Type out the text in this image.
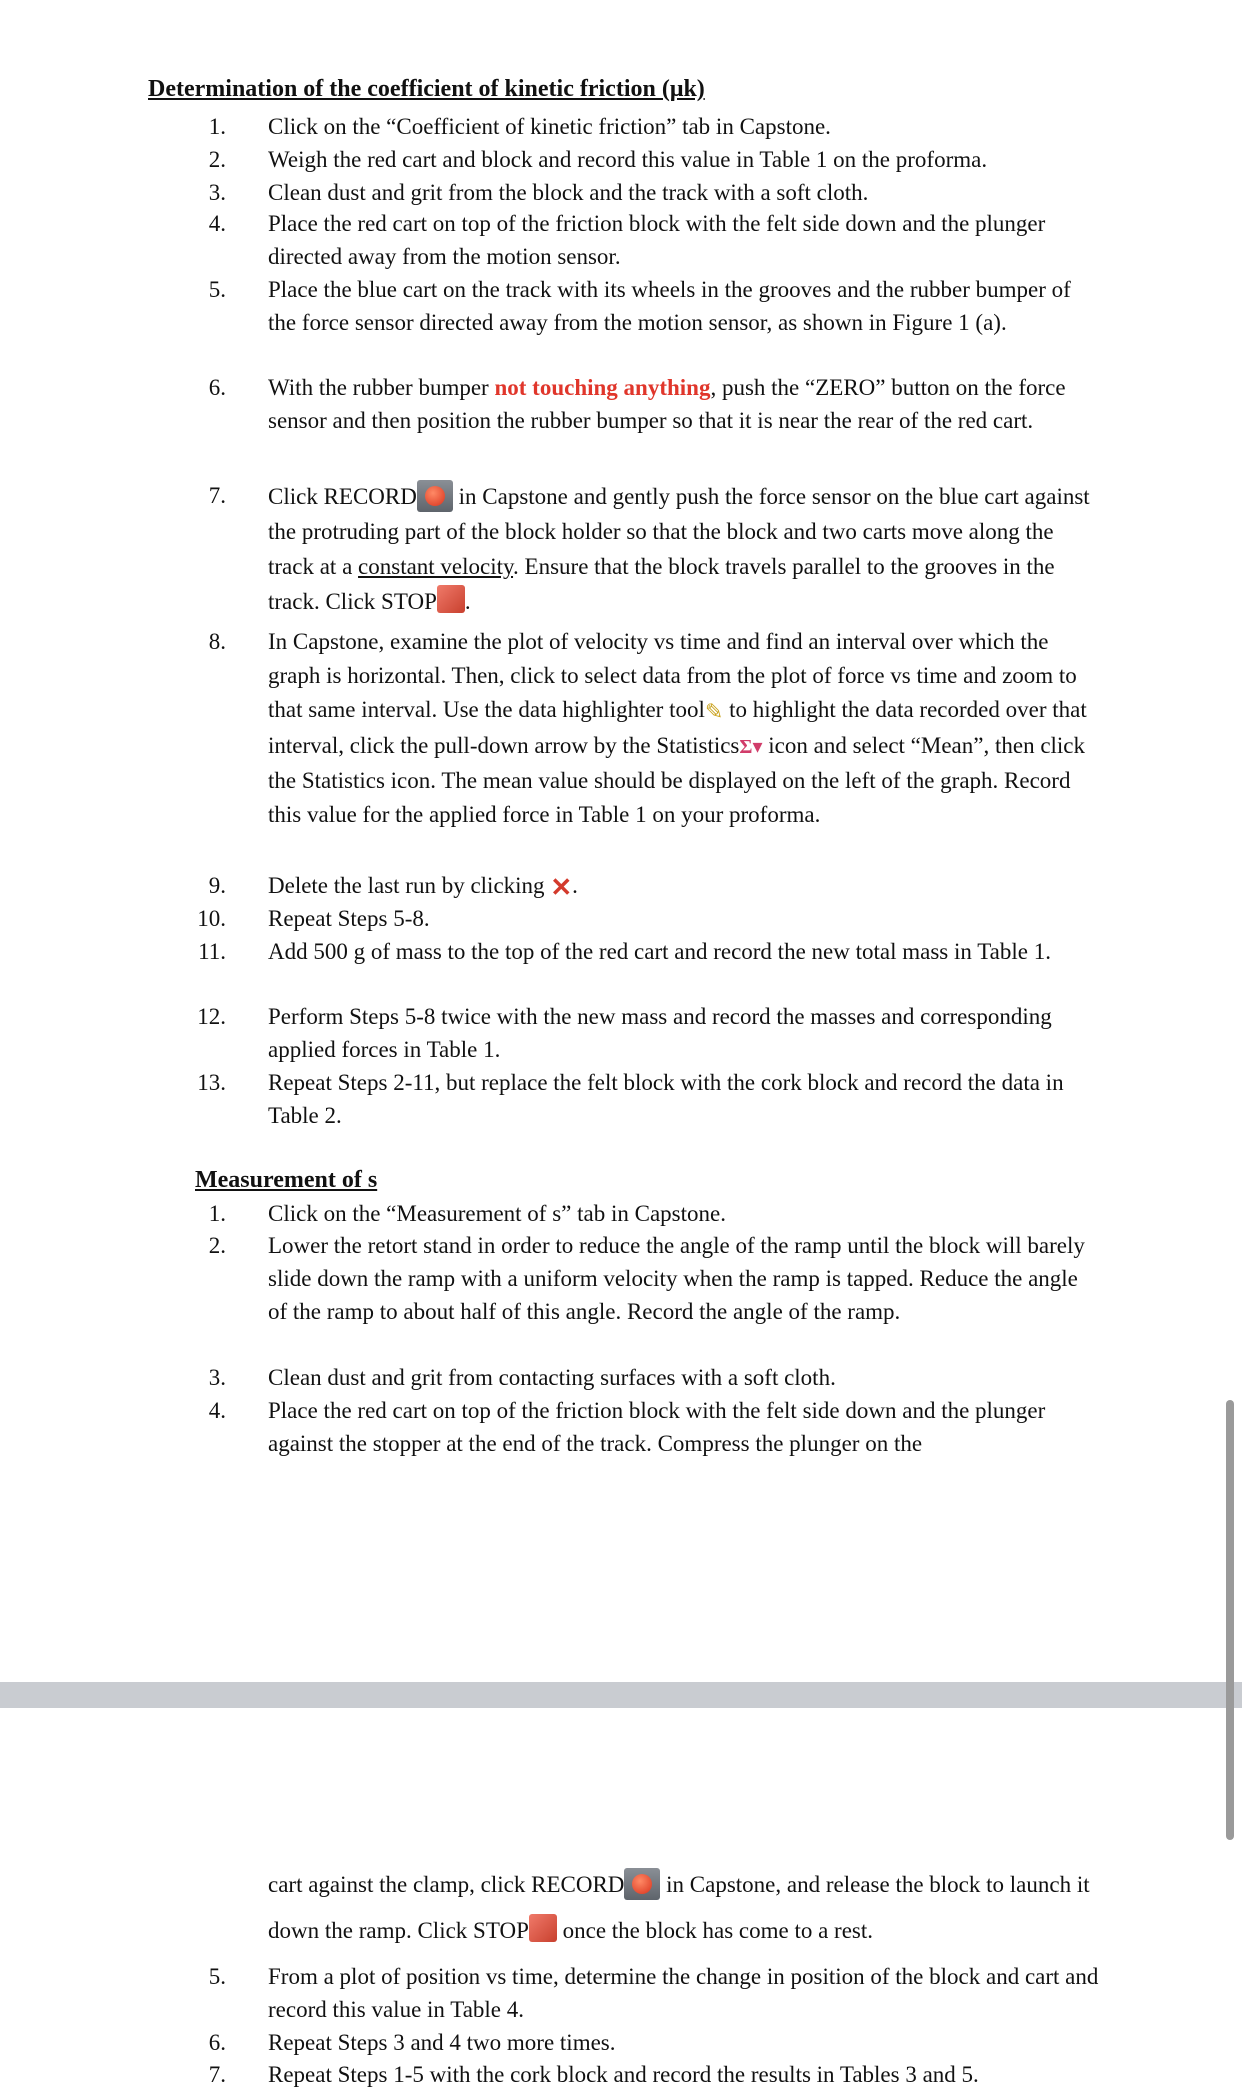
Determination of the coefficient of kinetic friction (μk)
1. Click on the “Coefficient of kinetic friction” tab in Capstone.
2. Weigh the red cart and block and record this value in Table 1 on the proforma.
3. Clean dust and grit from the block and the track with a soft cloth.
4. Place the red cart on top of the friction block with the felt side down and the plunger directed away from the motion sensor.
5. Place the blue cart on the track with its wheels in the grooves and the rubber bumper of the force sensor directed away from the motion sensor, as shown in Figure 1 (a).
6. With the rubber bumper not touching anything, push the “ZERO” button on the force sensor and then position the rubber bumper so that it is near the rear of the red cart.
7. Click RECORD in Capstone and gently push the force sensor on the blue cart against the protruding part of the block holder so that the block and two carts move along the track at a constant velocity. Ensure that the block travels parallel to the grooves in the track. Click STOP .
8. In Capstone, examine the plot of velocity vs time and find an interval over which the graph is horizontal. Then, click to select data from the plot of force vs time and zoom to that same interval. Use the data highlighter tool✎ to highlight the data recorded over that interval, click the pull-down arrow by the StatisticsΣ▾ icon and select “Mean”, then click the Statistics icon. The mean value should be displayed on the left of the graph. Record this value for the applied force in Table 1 on your proforma.
9. Delete the last run by clicking ✕.
10. Repeat Steps 5-8.
11. Add 500 g of mass to the top of the red cart and record the new total mass in Table 1.
12. Perform Steps 5-8 twice with the new mass and record the masses and corresponding applied forces in Table 1.
13. Repeat Steps 2-11, but replace the felt block with the cork block and record the data in Table 2.
Measurement of s
1. Click on the “Measurement of s” tab in Capstone.
2. Lower the retort stand in order to reduce the angle of the ramp until the block will barely slide down the ramp with a uniform velocity when the ramp is tapped. Reduce the angle of the ramp to about half of this angle. Record the angle of the ramp.
3. Clean dust and grit from contacting surfaces with a soft cloth.
4. Place the red cart on top of the friction block with the felt side down and the plunger against the stopper at the end of the track. Compress the plunger on the
cart against the clamp, click RECORD in Capstone, and release the block to launch it down the ramp. Click STOP once the block has come to a rest.
5. From a plot of position vs time, determine the change in position of the block and cart and record this value in Table 4.
6. Repeat Steps 3 and 4 two more times.
7. Repeat Steps 1-5 with the cork block and record the results in Tables 3 and 5.
